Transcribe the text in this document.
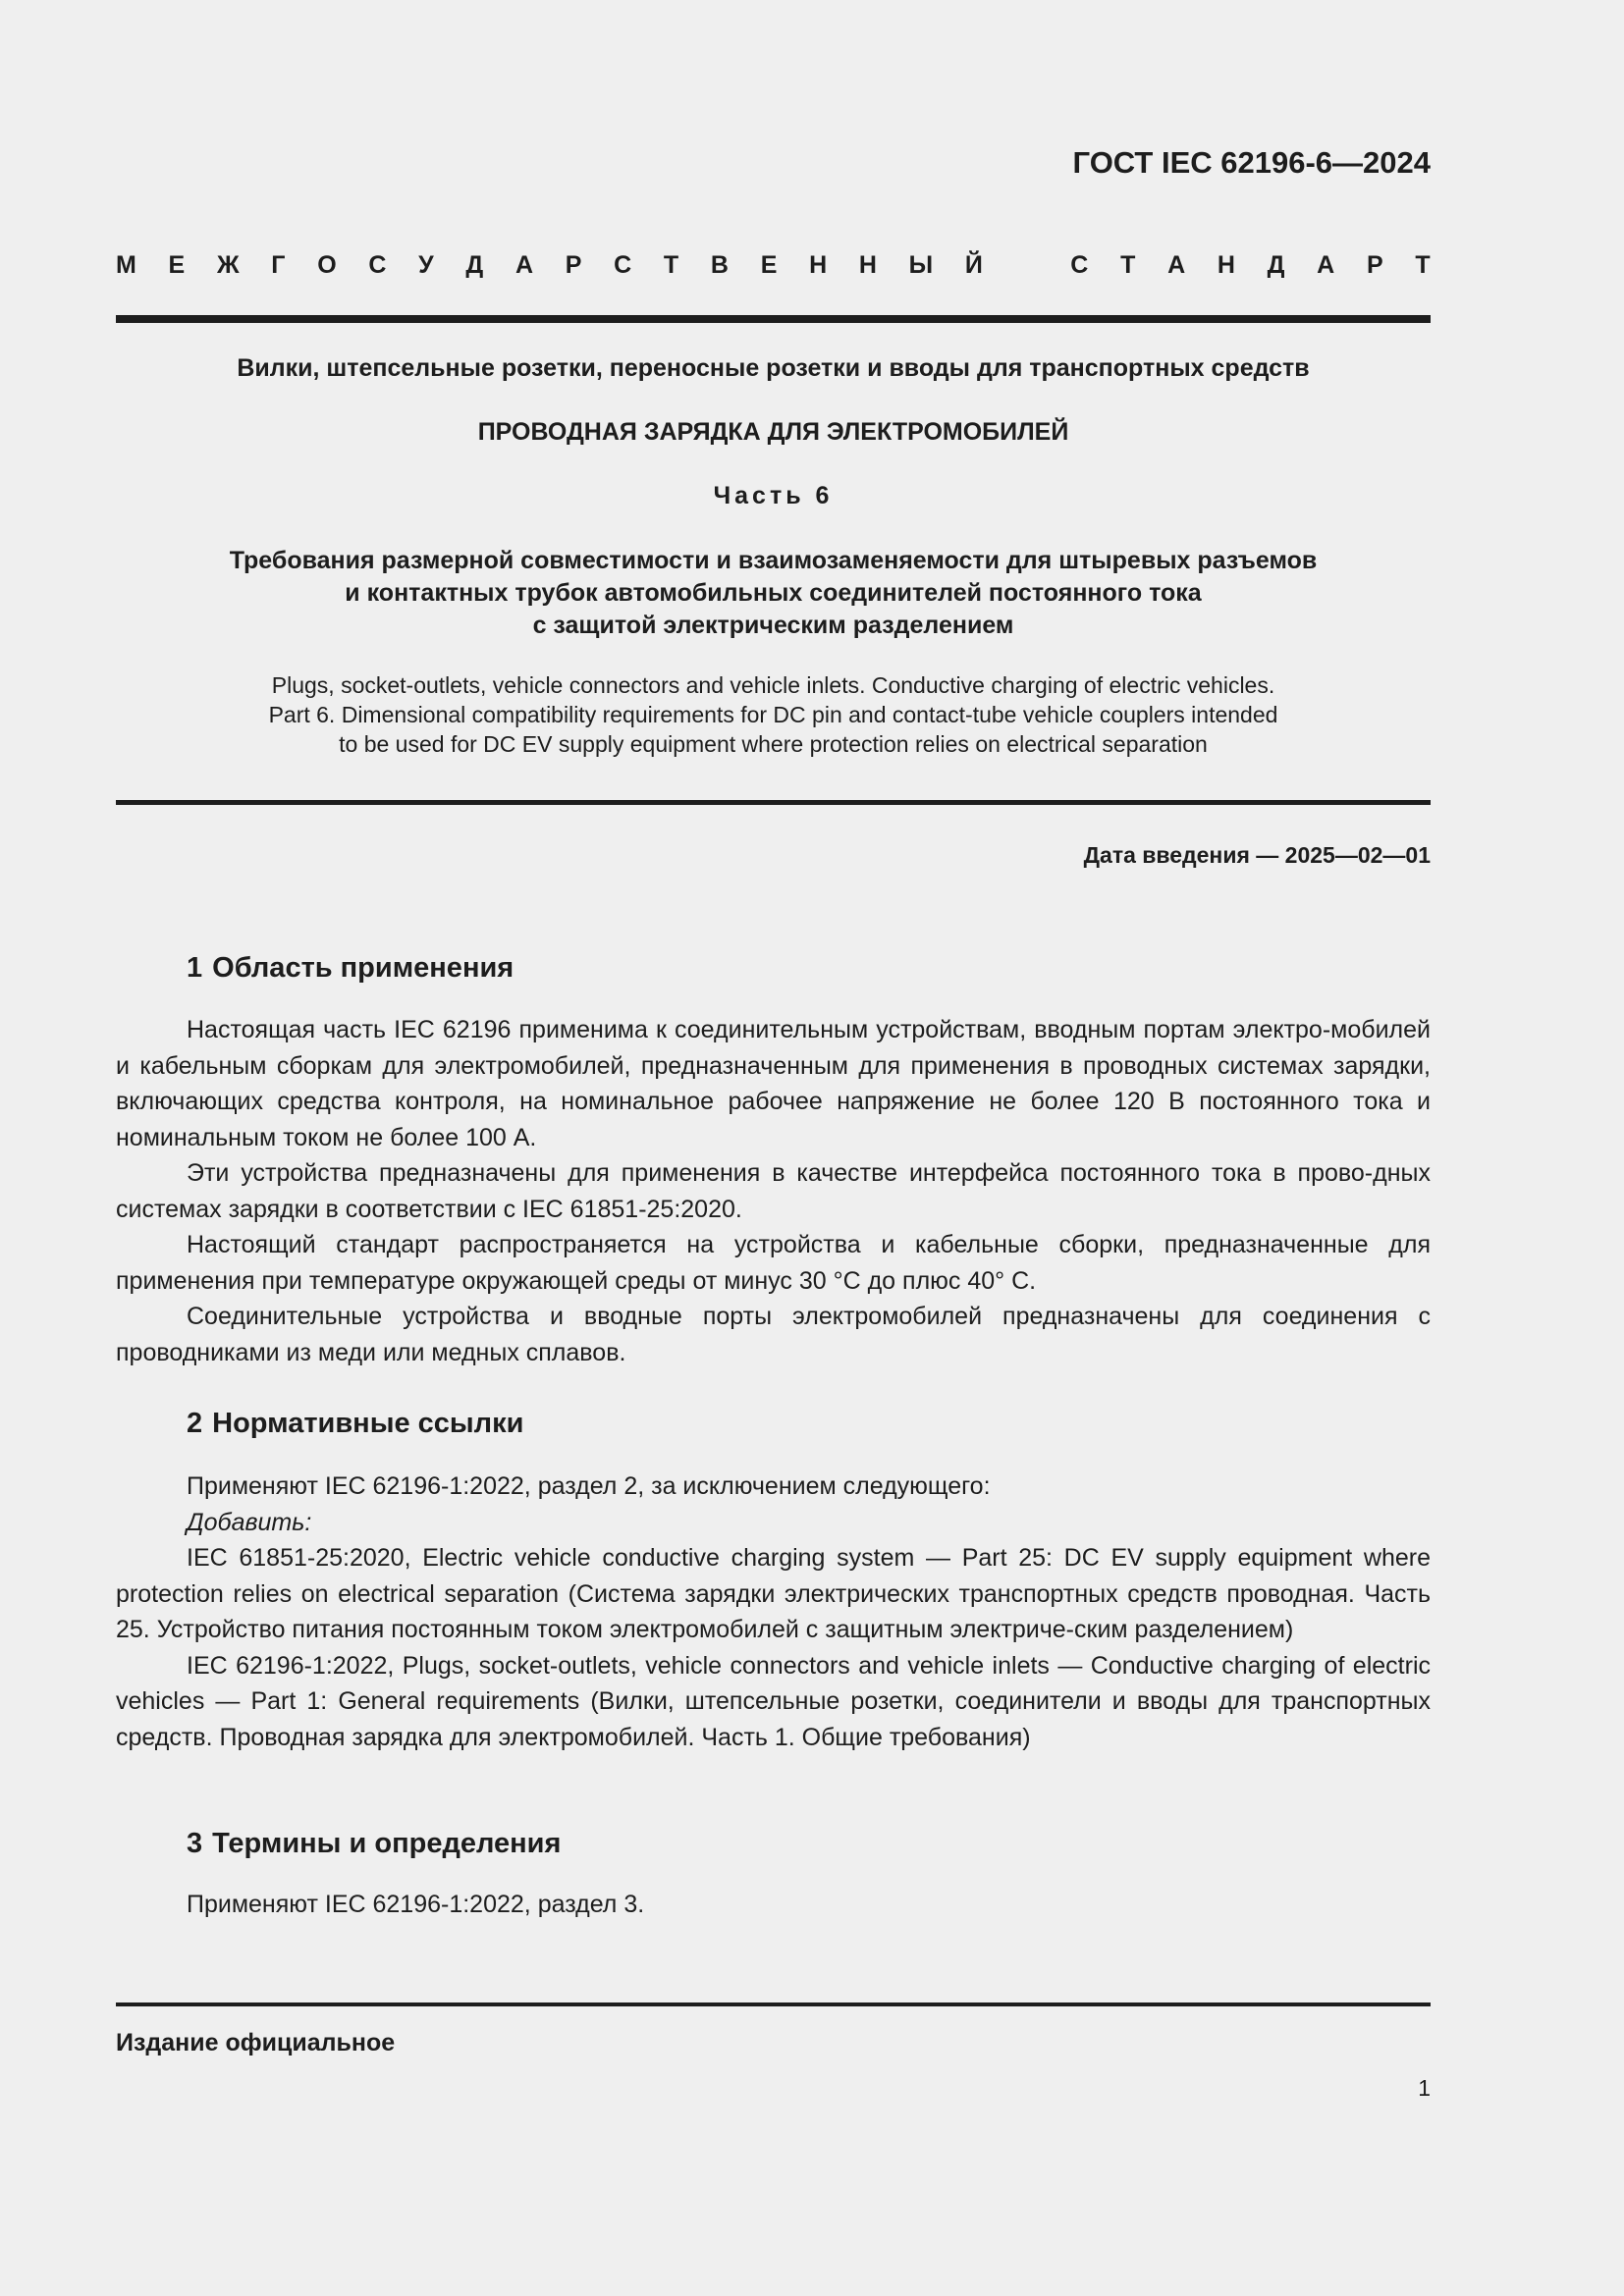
ГОСТ IEC 62196-6—2024
М Е Ж Г О С У Д А Р С Т В Е Н Н Ы Й
	С Т А Н Д А Р Т
Вилки, штепсельные розетки, переносные розетки и вводы для транспортных средств
ПРОВОДНАЯ ЗАРЯДКА ДЛЯ ЭЛЕКТРОМОБИЛЕЙ
Часть 6
Требования размерной совместимости и взаимозаменяемости для штыревых разъемов
и контактных трубок автомобильных соединителей постоянного тока
с защитой электрическим разделением
Plugs, socket-outlets, vehicle connectors and vehicle inlets. Conductive charging of electric vehicles.
Part 6. Dimensional compatibility requirements for DC pin and contact-tube vehicle couplers intended
to be used for DC EV supply equipment where protection relies on electrical separation
Дата введения — 2025—02—01
1 Область применения

Настоящая часть IEC 62196 применима к соединительным устройствам, вводным портам электро-мобилей и кабельным сборкам для электромобилей, предназначенным для применения в проводных системах зарядки, включающих средства контроля, на номинальное рабочее напряжение не более 120 В постоянного тока и номинальным током не более 100 А.

Эти устройства предназначены для применения в качестве интерфейса постоянного тока в прово-дных системах зарядки в соответствии с IEC 61851-25:2020.

Настоящий стандарт распространяется на устройства и кабельные сборки, предназначенные для применения при температуре окружающей среды от минус 30 °С до плюс 40° С.

Соединительные устройства и вводные порты электромобилей предназначены для соединения с проводниками из меди или медных сплавов.

2 Нормативные ссылки

Применяют IEC 62196-1:2022, раздел 2, за исключением следующего:

Добавить:

IEC 61851-25:2020, Electric vehicle conductive charging system — Part 25: DC EV supply equipment where protection relies on electrical separation (Система зарядки электрических транспортных средств проводная. Часть 25. Устройство питания постоянным током электромобилей с защитным электриче-ским разделением)

IEC 62196-1:2022, Plugs, socket-outlets, vehicle connectors and vehicle inlets — Conductive charging of electric vehicles — Part 1: General requirements (Вилки, штепсельные розетки, соединители и вводы для транспортных средств. Проводная зарядка для электромобилей. Часть 1. Общие требования)

3 Термины и определения

Применяют IEC 62196-1:2022, раздел 3.

Издание официальное
1
